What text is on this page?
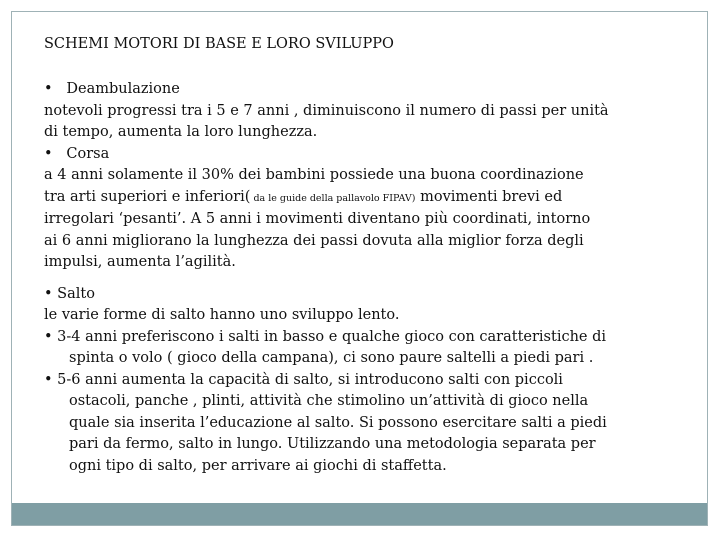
SCHEMI MOTORI DI BASE E LORO SVILUPPO
• Deambulazione
notevoli progressi tra i 5 e 7 anni , diminuiscono il numero di passi per unità
di tempo, aumenta la loro lunghezza.
• Corsa
a 4 anni solamente il 30% dei bambini possiede una buona coordinazione
tra arti superiori e inferiori( da le guide della pallavolo FIPAV) movimenti brevi ed
irregolari ‘pesanti’. A 5 anni i movimenti diventano più coordinati, intorno
ai 6 anni migliorano la lunghezza dei passi dovuta alla miglior forza degli
impulsi, aumenta l’agilità.
• Salto
le varie forme di salto hanno uno sviluppo lento.
• 3-4 anni preferiscono i salti in basso e qualche gioco con caratteristiche di
spinta o volo ( gioco della campana), ci sono paure saltelli a piedi pari .
• 5-6 anni aumenta la capacità di salto, si introducono salti con piccoli
ostacoli, panche , plinti, attività che stimolino un’attività di gioco nella
quale sia inserita l’educazione al salto. Si possono esercitare salti a piedi
pari da fermo, salto in lungo. Utilizzando una metodologia separata per
ogni tipo di salto, per arrivare ai giochi di staffetta.
